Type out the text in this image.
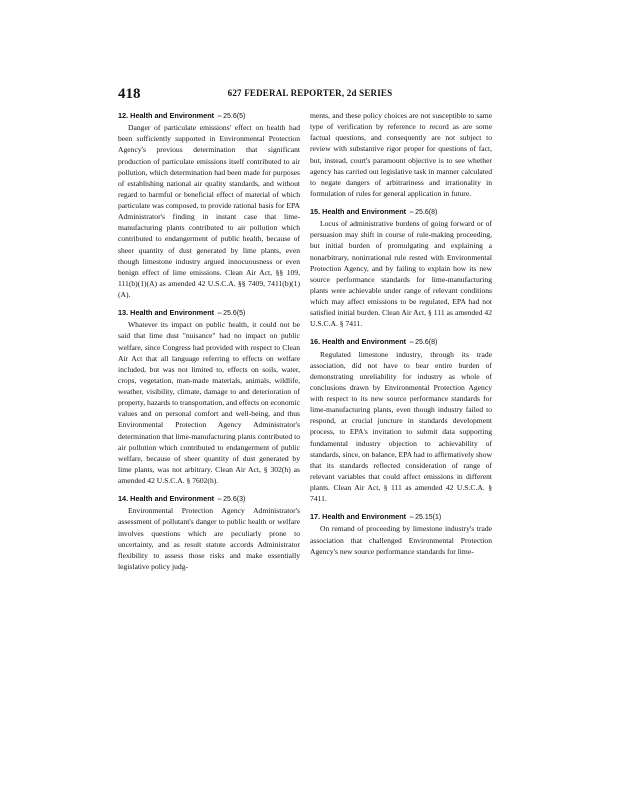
418	627 FEDERAL REPORTER, 2d SERIES
12. Health and Environment ⇔25.6(5)

Danger of particulate emissions' effect on health had been sufficiently supported in Environmental Protection Agency's previous determination that significant production of particulate emissions itself contributed to air pollution, which determination had been made for purposes of establishing national air quality standards, and without regard to harmful or beneficial effect of material of which particulate was composed, to provide rational basis for EPA Administrator's finding in instant case that lime-manufacturing plants contributed to air pollution which contributed to endangerment of public health, because of sheer quantity of dust generated by lime plants, even though limestone industry argued innocuousness or even benign effect of lime emissions. Clean Air Act, §§ 109, 111(b)(1)(A) as amended 42 U.S.C.A. §§ 7409, 7411(b)(1)(A).

13. Health and Environment ⇔25.6(5)

Whatever its impact on public health, it could not be said that lime dust "nuisance" had no impact on public welfare, since Congress had provided with respect to Clean Air Act that all language referring to effects on welfare included, but was not limited to, effects on soils, water, crops, vegetation, man-made materials, animals, wildlife, weather, visibility, climate, damage to and deterioration of property, hazards to transportation, and effects on economic values and on personal comfort and well-being, and thus Environmental Protection Agency Administrator's determination that lime-manufacturing plants contributed to air pollution which contributed to endangerment of public welfare, because of sheer quantity of dust generated by lime plants, was not arbitrary. Clean Air Act, § 302(h) as amended 42 U.S.C.A. § 7602(h).

14. Health and Environment ⇔25.6(3)

Environmental Protection Agency Administrator's assessment of pollutant's danger to public health or welfare involves questions which are peculiarly prone to uncertainty, and as result statute accords Administrator flexibility to assess those risks and make essentially legislative policy judg-

ments, and these policy choices are not susceptible to same type of verification by reference to record as are some factual questions, and consequently are not subject to review with substantive rigor proper for questions of fact, but, instead, court's paramount objective is to see whether agency has carried out legislative task in manner calculated to negate dangers of arbitrariness and irrationality in formulation of rules for general application in future.

15. Health and Environment ⇔25.6(8)

Locus of administrative burdens of going forward or of persuasion may shift in course of rule-making proceeding, but initial burden of promulgating and explaining a nonarbitrary, nonirrational rule rested with Environmental Protection Agency, and by failing to explain how its new source performance standards for lime-manufacturing plants were achievable under range of relevant conditions which may affect emissions to be regulated, EPA had not satisfied initial burden. Clean Air Act, § 111 as amended 42 U.S.C.A. § 7411.

16. Health and Environment ⇔25.6(8)

Regulated limestone industry, through its trade association, did not have to bear entire burden of demonstrating unreliability for industry as whole of conclusions drawn by Environmental Protection Agency with respect to its new source performance standards for lime-manufacturing plants, even though industry failed to respond, at crucial juncture in standards development process, to EPA's invitation to submit data supporting fundamental industry objection to achievability of standards, since, on balance, EPA had to affirmatively show that its standards reflected consideration of range of relevant variables that could affect emissions in different plants. Clean Air Act, § 111 as amended 42 U.S.C.A. § 7411.

17. Health and Environment ⇔25.15(1)

On remand of proceeding by limestone industry's trade association that challenged Environmental Protection Agency's new source performance standards for lime-
